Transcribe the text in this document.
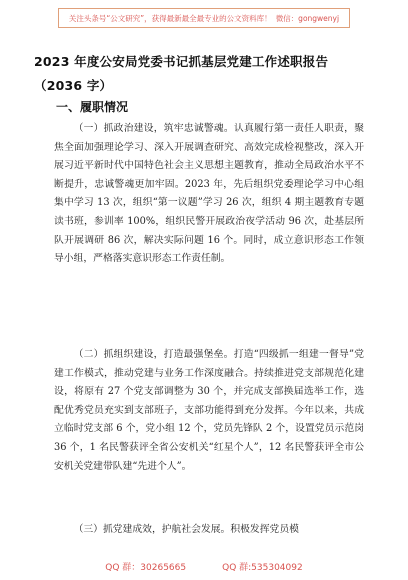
关注头条号“公文研究”，获得最新最全最专业的公文资料库！ 微信：gongwenyj
2023 年度公安局党委书记抓基层党建工作述职报告（2036 字）
一、履职情况

（一）抓政治建设，筑牢忠诚警魂。认真履行第一责任人职责，聚焦全面加强理论学习、深入开展调查研究、高效完成检视整改，深入开展习近平新时代中国特色社会主义思想主题教育，推动全局政治水平不断提升，忠诚警魂更加牢固。2023 年，先后组织党委理论学习中心组集中学习 13 次，组织“第一议题”学习 26 次，组织 4 期主题教育专题读书班，参训率 100%，组织民警开展政治夜学活动 96 次，赴基层所队开展调研 86 次，解决实际问题 16 个。同时，成立意识形态工作领导小组，严格落实意识形态工作责任制。

（二）抓组织建设，打造最强堡垒。打造“四级抓一组建一督导”党建工作模式，推动党建与业务工作深度融合。持续推进党支部规范化建设，将原有 27 个党支部调整为 30 个，并完成支部换届选举工作，选配优秀党员充实到支部班子，支部功能得到充分发挥。今年以来，共成立临时党支部 6 个，党小组 12 个，党员先锋队 2 个，设置党员示范岗 36 个，1 名民警获评全省公安机关“红星个人”，12 名民警获评全市公安机关党建带队建“先进个人”。

（三）抓党建成效，护航社会发展。积极发挥党员模

QQ 群：30265665	QQ 群:535304092
